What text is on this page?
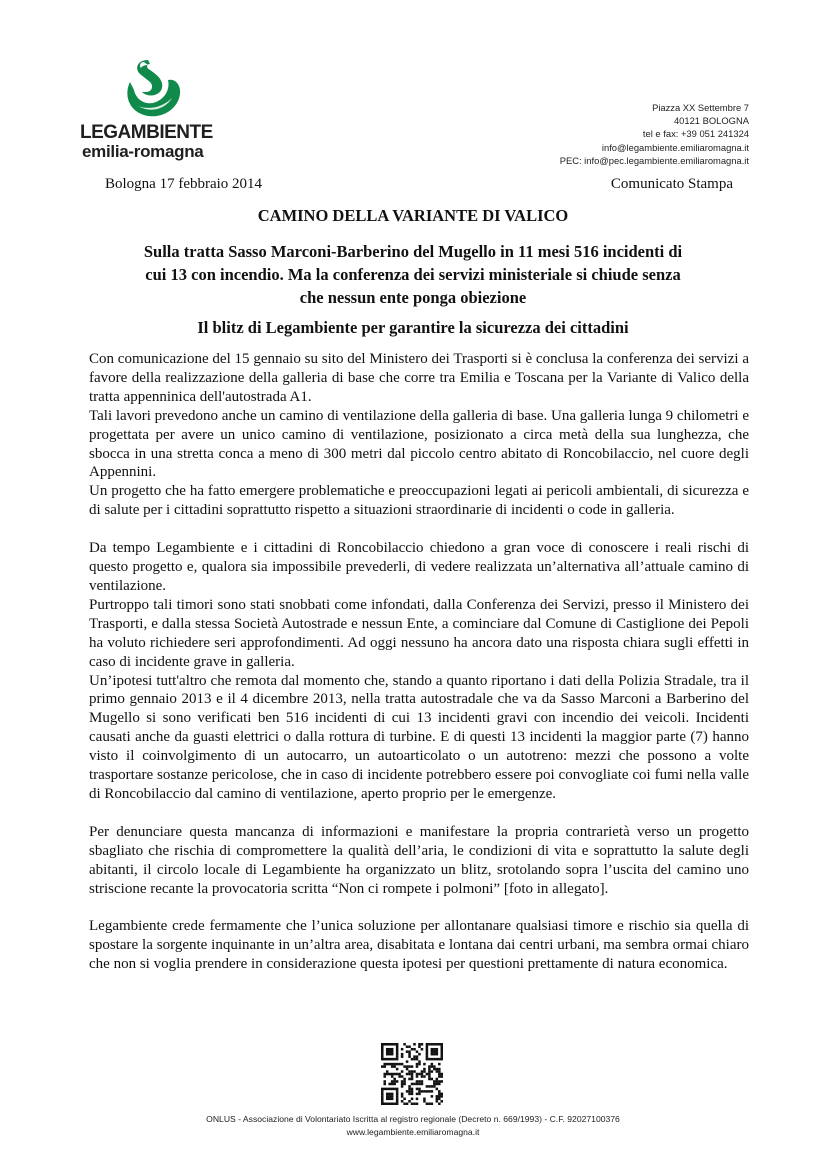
LEGAMBIENTE
emilia-romagna
Piazza XX Settembre 7
40121 BOLOGNA
tel e fax: +39 051 241324
info@legambiente.emiliaromagna.it
PEC: info@pec.legambiente.emiliaromagna.it
Bologna 17 febbraio 2014	Comunicato Stampa
CAMINO DELLA VARIANTE DI VALICO
Sulla tratta Sasso Marconi-Barberino del Mugello in 11 mesi 516 incidenti di
cui 13 con incendio. Ma la conferenza dei servizi ministeriale si chiude senza
che nessun ente ponga obiezione
Il blitz di Legambiente per garantire la sicurezza dei cittadini

Con comunicazione del 15 gennaio su sito del Ministero dei Trasporti si è conclusa la conferenza dei servizi a favore della realizzazione della galleria di base che corre tra Emilia e Toscana per la Variante di Valico della tratta appenninica dell'autostrada A1.

Tali lavori prevedono anche un camino di ventilazione della galleria di base. Una galleria lunga 9 chilometri e progettata per avere un unico camino di ventilazione, posizionato a circa metà della sua lunghezza, che sbocca in una stretta conca a meno di 300 metri dal piccolo centro abitato di Roncobilaccio, nel cuore degli Appennini.

Un progetto che ha fatto emergere problematiche e preoccupazioni legati ai pericoli ambientali, di sicurezza e di salute per i cittadini soprattutto rispetto a situazioni straordinarie di incidenti o code in galleria.

Da tempo Legambiente e i cittadini di Roncobilaccio chiedono a gran voce di conoscere i reali rischi di questo progetto e, qualora sia impossibile prevederli, di vedere realizzata un’alternativa all’attuale camino di ventilazione.

Purtroppo tali timori sono stati snobbati come infondati, dalla Conferenza dei Servizi, presso il Ministero dei Trasporti, e dalla stessa Società Autostrade e nessun Ente, a cominciare dal Comune di Castiglione dei Pepoli ha voluto richiedere seri approfondimenti. Ad oggi nessuno ha ancora dato una risposta chiara sugli effetti in caso di incidente grave in galleria.

Un’ipotesi tutt'altro che remota dal momento che, stando a quanto riportano i dati della Polizia Stradale, tra il primo gennaio 2013 e il 4 dicembre 2013, nella tratta autostradale che va da Sasso Marconi a Barberino del Mugello si sono verificati ben 516 incidenti di cui 13 incidenti gravi con incendio dei veicoli. Incidenti causati anche da guasti elettrici o dalla rottura di turbine. E di questi 13 incidenti la maggior parte (7) hanno visto il coinvolgimento di un autocarro, un autoarticolato o un autotreno: mezzi che possono a volte trasportare sostanze pericolose, che in caso di incidente potrebbero essere poi convogliate coi fumi nella valle di Roncobilaccio dal camino di ventilazione, aperto proprio per le emergenze.

Per denunciare questa mancanza di informazioni e manifestare la propria contrarietà verso un progetto sbagliato che rischia di compromettere la qualità dell’aria, le condizioni di vita e soprattutto la salute degli abitanti, il circolo locale di Legambiente ha organizzato un blitz, srotolando sopra l’uscita del camino uno striscione recante la provocatoria scritta “Non ci rompete i polmoni” [foto in allegato].

Legambiente crede fermamente che l’unica soluzione per allontanare qualsiasi timore e rischio sia quella di spostare la sorgente inquinante in un’altra area, disabitata e lontana dai centri urbani, ma sembra ormai chiaro che non si voglia prendere in considerazione questa ipotesi per questioni prettamente di natura economica.

ONLUS - Associazione di Volontariato Iscritta al registro regionale (Decreto n. 669/1993) - C.F. 92027100376
www.legambiente.emiliaromagna.it
